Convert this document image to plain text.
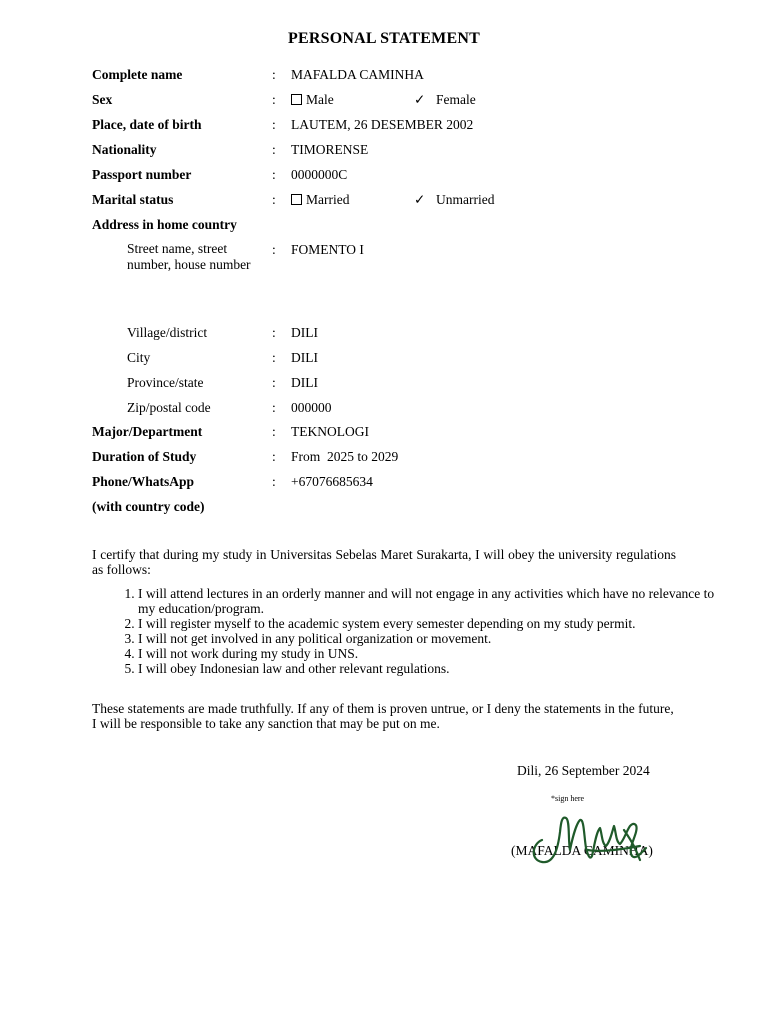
PERSONAL STATEMENT
Complete name	: MAFALDA CAMINHA
Sex	:	Male	✓ Female
Place, date of birth	: LAUTEM, 26 DESEMBER 2002
Nationality	: TIMORENSE
Passport number	: 0000000C
Marital status	:	Married	✓ Unmarried
Address in home country
Street name, street number, house number
: FOMENTO I
Village/district	: DILI
City	: DILI
Province/state	: DILI
Zip/postal code	: 000000
Major/Department	: TEKNOLOGI
Duration of Study	: From  2025 to 2029
Phone/WhatsApp	: +67076685634
(with country code)
I certify that during my study in Universitas Sebelas Maret Surakarta, I will obey the university regulations as follows:
1. I will attend lectures in an orderly manner and will not engage in any activities which have no relevance to my education/program.
2. I will register myself to the academic system every semester depending on my study permit.
3. I will not get involved in any political organization or movement.
4. I will not work during my study in UNS.
5. I will obey Indonesian law and other relevant regulations.
These statements are made truthfully. If any of them is proven untrue, or I deny the statements in the future, I will be responsible to take any sanction that may be put on me.
Dili, 26 September 2024
*sign here
(MAFALDA CAMINHA)
